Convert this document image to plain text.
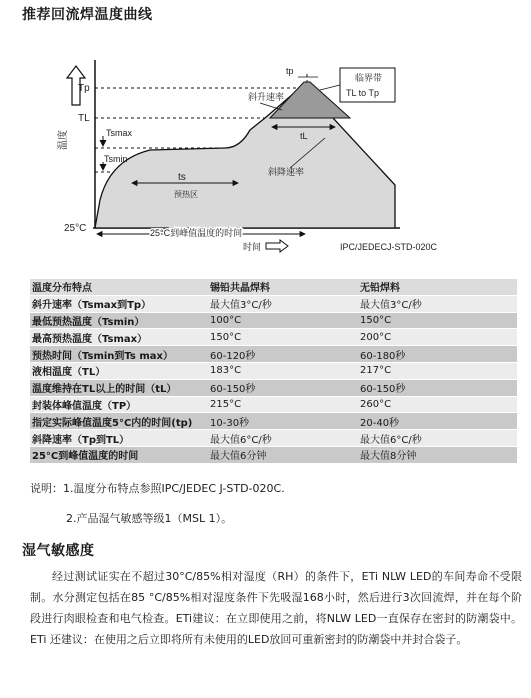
推荐回流焊温度曲线
Tp
TL
Tsmax
Tsmin
25°C
温度
tp
临界带
TL to Tp
斜升速率
斜降速率
tL
ts
预热区
25°C到峰值温度的时间
时间	IPC/JEDECJ-STD-020C
温度分布特点	锡铅共晶焊料	无铅焊料
斜升速率（Tsmax到Tp）	最大值3°C/秒	最大值3°C/秒
最低预热温度（Tsmin）	100°C	150°C
最高预热温度（Tsmax）	150°C	200°C
预热时间（Tsmin到Ts max）	60-120秒	60-180秒
液相温度（TL）	183°C	217°C
温度维持在TL以上的时间（tL）	60-150秒	60-150秒
封装体峰值温度（TP）	215°C	260°C
指定实际峰值温度5°C内的时间(tp)	10-30秒	20-40秒
斜降速率（Tp到TL）	最大值6°C/秒	最大值6°C/秒
25°C到峰值温度的时间	最大值6分钟	最大值8分钟
说明：1.温度分布特点参照IPC/JEDEC J-STD-020C.
2.产品湿气敏感等级1（MSL 1）。
湿气敏感度
经过测试证实在不超过30°C/85%相对湿度（RH）的条件下，ETi NLW LED的车间寿命不受限制。水分测定包括在85 °C/85%相对湿度条件下先吸湿168小时，然后进行3次回流焊，并在每个阶段进行肉眼检查和电气检查。ETi建议：在立即使用之前，将NLW LED一直保存在密封的防潮袋中。ETi 还建议：在使用之后立即将所有未使用的LED放回可重新密封的防潮袋中并封合袋子。
